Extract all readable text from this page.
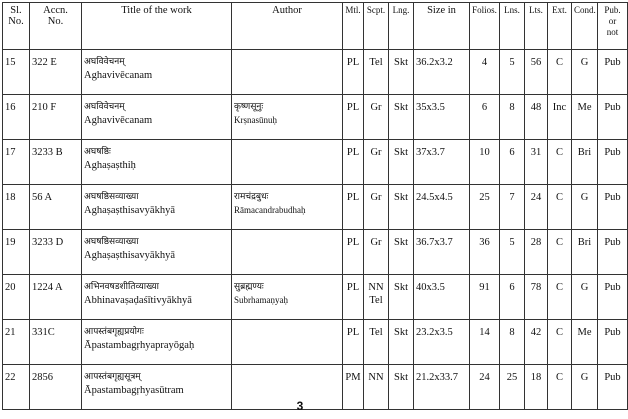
Sl.
No.	Accn.
No.	Title of the work	Author	Mtl.	Scpt.	Lng.	Size in	Folios.	Lns.	Lts.	Ext.	Cond.	Pub.
or
not

15	322 E	अघविवेचनम्
Aghavivēcanam		PL	Tel	Skt	36.2x3.2	4	5	56	C	G	Pub
16	210 F	अघविवेचनम्
Aghavivēcanam	कृष्णसूनुः
Krṣnasūnuḥ	PL	Gr	Skt	35x3.5	6	8	48	Inc	Me	Pub
17	3233 B	अघषष्ठिः
Aghaṣaṣthiḥ		PL	Gr	Skt	37x3.7	10	6	31	C	Bri	Pub
18	56 A	अघषष्ठिसव्याख्या
Aghaṣaṣthisavyākhyā	रामचंद्रबुधः
Rāmacandrabudhaḥ	PL	Gr	Skt	24.5x4.5	25	7	24	C	G	Pub
19	3233 D	अघषष्ठिसव्याख्या
Aghaṣaṣthisavyākhyā		PL	Gr	Skt	36.7x3.7	36	5	28	C	Bri	Pub
20	1224 A	अभिनवषडशीतिव्याख्या
Abhinavaṣaḍaśītivyākhyā	सुब्रह्मण्यः
Subrhamaṇyaḥ	PL	NN
Tel	Skt	40x3.5	91	6	78	C	G	Pub
21	331C	आपस्तंबगृह्यप्रयोगः
Āpastambagṛhyaprayōgaḥ		PL	Tel	Skt	23.2x3.5	14	8	42	C	Me	Pub
22	2856	आपस्तंबगृह्यसूत्रम्
Āpastambagṛhyasūtram		PM	NN	Skt	21.2x33.7	24	25	18	C	G	Pub
3
